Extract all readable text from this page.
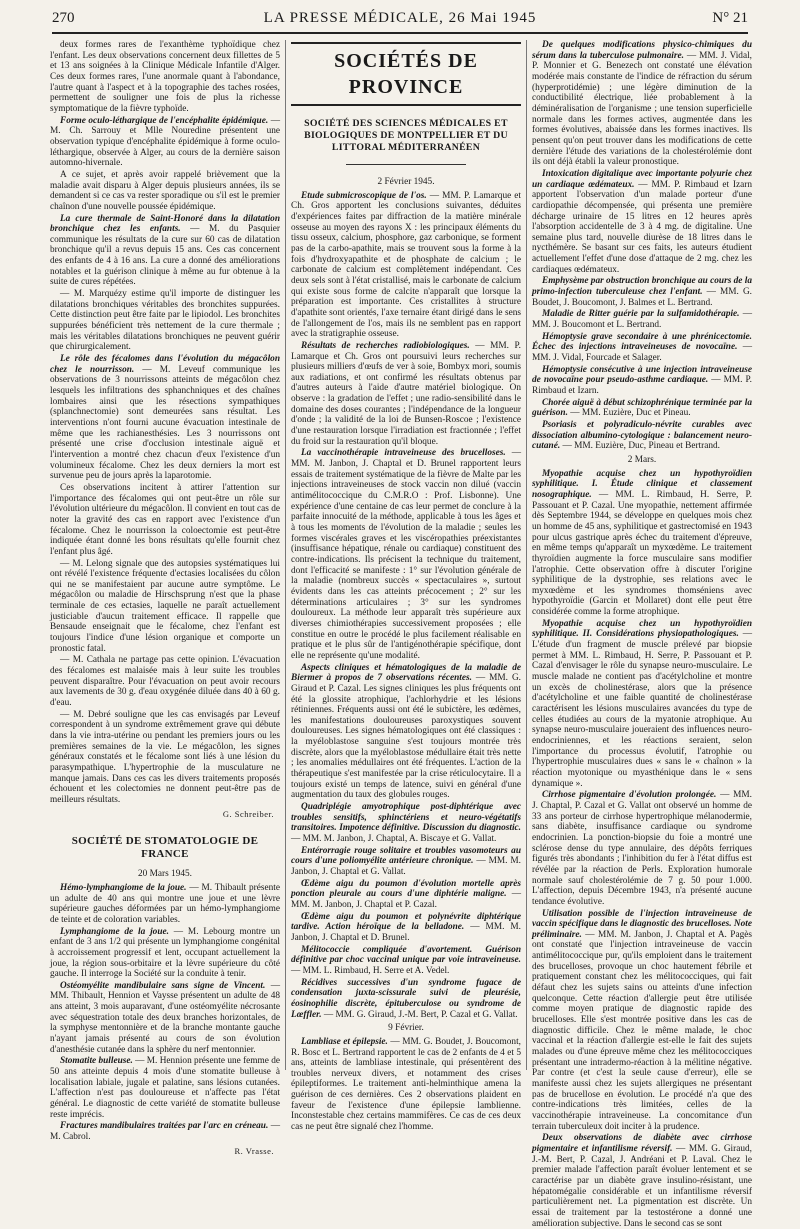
270	LA PRESSE MÉDICALE, 26 Mai 1945	N° 21

deux formes rares de l'exanthème typhoïdique chez l'enfant. Les deux observations concernent deux fillettes de 5 et 13 ans soignées à la Clinique Médicale Infantile d'Alger. Ces deux formes rares, l'une anormale quant à l'abondance, l'autre quant à l'aspect et à la topographie des taches rosées, permettent de souligner une fois de plus la richesse symptomatique de la fièvre typhoïde.

Forme oculo-léthargique de l'encéphalite épidémique. — M. Ch. Sarrouy et Mlle Nouredine présentent une observation typique d'encéphalite épidémique à forme oculo-léthargique, observée à Alger, au cours de la dernière saison automno-hivernale.

A ce sujet, et après avoir rappelé brièvement que la maladie avait disparu à Alger depuis plusieurs années, ils se demandent si ce cas va rester sporadique ou s'il est le premier chaînon d'une nouvelle poussée épidémique.

La cure thermale de Saint-Honoré dans la dilatation bronchique chez les enfants. — M. du Pasquier communique les résultats de la cure sur 60 cas de dilatation bronchique qu'il a revus depuis 15 ans. Ces cas concernent des enfants de 4 à 16 ans. La cure a donné des améliorations notables et la guérison clinique à même au fur obtenue à la suite de cures répétées.

— M. Marquézy estime qu'il importe de distinguer les dilatations bronchiques véritables des bronchites suppurées. Cette distinction peut être faite par le lipiodol. Les bronchites suppurées bénéficient très nettement de la cure thermale ; mais les véritables dilatations bronchiques ne peuvent guérir que chirurgicalement.

Le rôle des fécalomes dans l'évolution du mégacôlon chez le nourrisson. — M. Leveuf communique les observations de 3 nourrissons atteints de mégacôlon chez lesquels les infiltrations des sphanchniques et des chaînes lombaires ainsi que les résections sympathiques (splanchnectomie) sont demeurées sans résultat. Les interventions n'ont fourni aucune évacuation intestinale de même que les rachianesthésies. Les 3 nourrissons ont présenté une crise d'occlusion intestinale aiguë et l'intervention a montré chez chacun d'eux l'existence d'un volumineux fécalome. Chez les deux derniers la mort est survenue peu de jours après la laparotomie.

Ces observations incitent à attirer l'attention sur l'importance des fécalomes qui ont peut-être un rôle sur l'évolution ultérieure du mégacôlon. Il convient en tout cas de noter la gravité des cas en rapport avec l'existence d'un fécalome. Chez le nourrisson la coloectomie est peut-être indiquée étant donné les bons résultats qu'elle fournit chez l'enfant plus âgé.

— M. Lelong signale que des autopsies systématiques lui ont révélé l'existence fréquente d'ectasies localisées du côlon qui ne se manifestaient par aucune autre symptôme. Le mégacôlon ou maladie de Hirschsprung n'est que la phase terminale de ces ectasies, laquelle ne paraît actuellement justiciable d'aucun traitement efficace. Il rappelle que Bensaude enseignait que le fécalome, chez l'enfant est toujours l'indice d'une lésion organique et comporte un pronostic fatal.

— M. Cathala ne partage pas cette opinion. L'évacuation des fécalomes est malaisée mais à leur suite les troubles peuvent disparaître. Pour l'évacuation on peut avoir recours aux lavements de 30 g. d'eau oxygénée diluée dans 40 à 60 g. d'eau.

— M. Debré souligne que les cas envisagés par Leveuf correspondent à un syndrome extrêmement grave qui débute dans la vie intra-utérine ou pendant les premiers jours ou les premières semaines de la vie. Le mégacôlon, les signes généraux constatés et le fécalome sont liés à une lésion du parasympathique. L'hypertrophie de la musculature ne manque jamais. Dans ces cas les divers traitements proposés échouent et les colectomies ne donnent peut-être pas de meilleurs résultats.

G. Schreiber.

SOCIÉTÉ DE STOMATOLOGIE DE FRANCE

20 Mars 1945.

Hémo-lymphangiome de la joue. — M. Thibault présente un adulte de 40 ans qui montre une joue et une lèvre supérieure gauches déformées par un hémo-lymphangiome de teinte et de coloration variables.

Lymphangiome de la joue. — M. Lebourg montre un enfant de 3 ans 1/2 qui présente un lymphangiome congénital à accroissement progressif et lent, occupant actuellement la joue, la région sous-orbitaire et la lèvre supérieure du côté gauche. Il interroge la Société sur la conduite à tenir.

Ostéomyélite mandibulaire sans signe de Vincent. — MM. Thibault, Hennion et Vaysse présentent un adulte de 48 ans atteint, 3 mois auparavant, d'une ostéomyélite nécrosante avec séquestration totale des deux branches horizontales, de la symphyse mentonnière et de la branche montante gauche n'ayant jamais présenté au cours de son évolution d'anesthésie cutanée dans la sphère du nerf mentonnier.

Stomatite bulleuse. — M. Hennion présente une femme de 50 ans atteinte depuis 4 mois d'une stomatite bulleuse à localisation labiale, jugale et palatine, sans lésions cutanées. L'affection n'est pas douloureuse et n'affecte pas l'état général. Le diagnostic de cette variété de stomatite bulleuse reste imprécis.

Fractures mandibulaires traitées par l'arc en créneau. — M. Cabrol.

R. Vrasse.

SOCIÉTÉS DE PROVINCE

SOCIÉTÉ DES SCIENCES MÉDICALES ET BIOLOGIQUES DE MONTPELLIER ET DU LITTORAL MÉDITERRANÉEN

2 Février 1945.

Etude submicroscopique de l'os. — MM. P. Lamarque et Ch. Gros apportent les conclusions suivantes, déduites d'expériences faites par diffraction de la matière minérale osseuse au moyen des rayons X : les principaux éléments du tissu osseux, calcium, phosphore, gaz carbonique, se forment pas de la carbo-apathite, mais se trouvent sous la forme à la fois d'hydroxyapathite et de phosphate de calcium ; le carbonate de calcium est complètement indépendant. Ces deux sels sont à l'état cristallisé, mais le carbonate de calcium qui existe sous forme de calcite n'apparaît que lorsque la préparation est importante. Ces cristallites à structure d'apathite sont orientés, l'axe ternaire étant dirigé dans le sens de l'allongement de l'os, mais ils ne semblent pas en rapport avec la stratigraphie osseuse.

Résultats de recherches radiobiologiques. — MM. P. Lamarque et Ch. Gros ont poursuivi leurs recherches sur plusieurs milliers d'œufs de ver à soie, Bombyx mori, soumis aux radiations, et ont confirmé les résultats obtenus par d'autres auteurs à l'aide d'autre matériel biologique. On observe : la gradation de l'effet ; une radio-sensibilité dans le domaine des doses courantes ; l'indépendance de la longueur d'onde ; la validité de la loi de Bunsen-Roscoe ; l'existence d'une restauration lorsque l'irradiation est fractionnée ; l'effet du froid sur la restauration qu'il bloque.

La vaccinothérapie intraveineuse des brucelloses. — MM. M. Janbon, J. Chaptal et D. Brunel rapportent leurs essais de traitement systématique de la fièvre de Malte par les injections intraveineuses de stock vaccin non dilué (vaccin antimélitococcique du C.M.R.O : Prof. Lisbonne). Une expérience d'une centaine de cas leur permet de conclure à la parfaite innocuité de la méthode, applicable à tous les âges et à tous les moments de l'évolution de la maladie ; seules les formes viscérales graves et les viscéropathies préexistantes (insuffisance hépatique, rénale ou cardiaque) constituent des contre-indications. Ils précisent la technique du traitement, dont l'efficacité se manifeste : 1° sur l'évolution générale de la maladie (nombreux succès « spectaculaires », surtout évidents dans les cas atteints précocement ; 2° sur les déterminations articulaires ; 3° sur les syndromes douloureux. La méthode leur apparaît très supérieure aux diverses chimiothérapies successivement proposées ; elle constitue en outre le procédé le plus facilement réalisable en pratique et le plus sûr de l'antigénothérapie spécifique, dont elle ne représente qu'une modalité.

Aspects cliniques et hématologiques de la maladie de Biermer à propos de 7 observations récentes. — MM. G. Giraud et P. Cazal. Les signes cliniques les plus fréquents ont été la glossite atrophique, l'achlorhydrie et les lésions rétiniennes. Fréquents aussi ont été le subictère, les œdèmes, les manifestations douloureuses paroxystiques souvent douloureuses. Les signes hématologiques ont été classiques : la myéloblastose sanguine s'est toujours montrée très discrète, alors que la myéloblastose médullaire était très nette ; les anomalies médullaires ont été fréquentes. L'action de la thérapeutique s'est manifestée par la crise réticulocytaire. Il a toujours existé un temps de latence, suivi en général d'une augmentation du taux des globules rouges.

Quadriplégie amyotrophique post-diphtérique avec troubles sensitifs, sphinctériens et neuro-végétatifs transitoires. Impotence définitive. Discussion du diagnostic. — MM. M. Janbon, J. Chaptal, A. Biscaye et G. Vallat.

Entérorragie rouge solitaire et troubles vasomoteurs au cours d'une poliomyélite antérieure chronique. — MM. M. Janbon, J. Chaptal et G. Vallat.

Œdème aigu du poumon d'évolution mortelle après ponction pleurale au cours d'une diphtérie maligne. — MM. M. Janbon, J. Chaptal et P. Cazal.

Œdème aigu du poumon et polynévrite diphtérique tardive. Action héroïque de la belladone. — MM. M. Janbon, J. Chaptal et D. Brunel.

Mélitococcie compliquée d'avortement. Guérison définitive par choc vaccinal unique par voie intraveineuse. — MM. L. Rimbaud, H. Serre et A. Vedel.

Récidives successives d'un syndrome fugace de condensation juxta-scissurale suivi de pleurésie, éosinophilie discrète, épituberculose ou syndrome de Lœffler. — MM. G. Giraud, J.-M. Bert, P. Cazal et G. Vallat.

9 Février.

Lambliase et épilepsie. — MM. G. Boudet, J. Boucomont, R. Bosc et L. Bertrand rapportent le cas de 2 enfants de 4 et 5 ans, atteints de lambliase intestinale, qui présentèrent des troubles nerveux divers, et notamment des crises épileptiformes. Le traitement anti-helminthique amena la guérison de ces dernières. Ces 2 observations plaident en faveur de l'existence d'une épilepsie lamblienne. Inconstestable chez certains mammifères. Ce cas de ces deux cas ne peut être signalé chez l'homme.

De quelques modifications physico-chimiques du sérum dans la tuberculose pulmonaire. — MM. J. Vidal, P. Monnier et G. Benezech ont constaté une élévation modérée mais constante de l'indice de réfraction du sérum (hyperprotidémie) ; une légère diminution de la conductibilité électrique, liée probablement à la déminéralisation de l'organisme ; une tension superficielle normale dans les formes actives, augmentée dans les formes évolutives, abaissée dans les formes inactives. Ils pensent qu'on peut trouver dans les modifications de cette dernière l'étude des variations de la cholestérolémie dont ils ont déjà établi la valeur pronostique.

Intoxication digitalique avec importante polyurie chez un cardiaque œdémateux. — MM. P. Rimbaud et Izarn apportent l'observation d'un malade porteur d'une cardiopathie décompensée, qui présenta une première décharge urinaire de 15 litres en 12 heures après l'absorption accidentelle de 3 à 4 mg. de digitaline. Une semaine plus tard, nouvelle diurèse de 18 litres dans le nycthémère. Se basant sur ces faits, les auteurs étudient actuellement l'effet d'une dose d'attaque de 2 mg. chez les cardiaques œdémateux.

Emphysème par obstruction bronchique au cours de la primo-infection tuberculeuse chez l'enfant. — MM. G. Boudet, J. Boucomont, J. Balmes et L. Bertrand.

Maladie de Ritter guérie par la sulfamidothérapie. — MM. J. Boucomont et L. Bertrand.

Hémoptysie grave secondaire à une phrénicectomie. Échec des injections intraveineuses de novocaïne. — MM. J. Vidal, Fourcade et Salager.

Hémoptysie consécutive à une injection intraveineuse de novocaïne pour pseudo-asthme cardiaque. — MM. P. Rimbaud et Izarn.

Chorée aiguë à début schizophrénique terminée par la guérison. — MM. Euzière, Duc et Pineau.

Psoriasis et polyradiculo-névrite curables avec dissociation albumino-cytologique : balancement neuro-cutané. — MM. Euzière, Duc, Pineau et Bertrand.

2 Mars.

Myopathie acquise chez un hypothyroïdien syphilitique. I. Étude clinique et classement nosographique. — MM. L. Rimbaud, H. Serre, P. Passouant et P. Cazal. Une myopathie, nettement affirmée dès Septembre 1944, se développe en quelques mois chez un homme de 45 ans, syphilitique et gastrectomisé en 1943 pour ulcus gastrique après échec du traitement d'épreuve, en même temps qu'apparaît un myxœdème. Le traitement thyroïdien augmente la force musculaire sans modifier l'atrophie. Cette observation offre à discuter l'origine syphilitique de la dystrophie, ses relations avec le myxœdème et les syndromes thomséniens avec hypothyroïdie (Garcin et Mollaret) dont elle peut être considérée comme la forme atrophique.

Myopathie acquise chez un hypothyroïdien syphilitique. II. Considérations physiopathologiques. — L'étude d'un fragment de muscle prélevé par biopsie permet à MM. L. Rimbaud, H. Serre, P. Passouant et P. Cazal d'envisager le rôle du synapse neuro-musculaire. Le muscle malade ne contient pas d'acétylcholine et montre un excès de cholinestérase, alors que la présence d'acétylcholine et une faible quantité de cholinestérase caractérisent les lésions musculaires avancées du type de celles étudiées au cours de la myatonie atrophique. Au synapse neuro-musculaire joueraient des influences neuro-endocriniennes, et les réactions seraient, selon l'importance du processus évolutif, l'atrophie ou l'hypertrophie musculaires dues « sans le « chaînon » la réaction myotonique ou myasthénique dans le « sens dynamique ».

Cirrhose pigmentaire d'évolution prolongée. — MM. J. Chaptal, P. Cazal et G. Vallat ont observé un homme de 33 ans porteur de cirrhose hypertrophique mélanodermie, sans diabète, insuffisance cardiaque ou syndrome endocrinien. La ponction-biopsie du foie a montré une sclérose dense du type annulaire, des dépôts ferriques figurés très abondants ; l'inhibition du fer à l'état diffus est révélée par la réaction de Perls. Exploration humorale normale sauf cholestérolémie de 7 g. 50 pour 1.000. L'affection, depuis Décembre 1943, n'a présenté aucune tendance évolutive.

Utilisation possible de l'injection intraveineuse de vaccin spécifique dans le diagnostic des brucelloses. Note préliminaire. — MM. M. Janbon, J. Chaptal et A. Pagès ont constaté que l'injection intraveineuse de vaccin antimélitococcique pur, qu'ils emploient dans le traitement des brucelloses, provoque un choc hautement fébrile et pratiquement constant chez les mélitococciques, qui fait défaut chez les sujets sains ou atteints d'une infection quelconque. Cette réaction d'allergie peut être utilisée comme moyen pratique de diagnostic rapide des brucelloses. Elle s'est montrée positive dans les cas de diagnostic difficile. Chez le même malade, le choc vaccinal et la réaction d'allergie est-elle le fait des sujets malades ou d'une épreuve même chez les mélitococciques présentant une intradermo-réaction à la mélitine négative. Par contre (et c'est la seule cause d'erreur), elle se manifeste aussi chez les sujets allergiques ne présentant pas de brucellose en évolution. Le procédé n'a que des contre-indications très limitées, celles de la vaccinothérapie intraveineuse. La concomitance d'un terrain tuberculeux doit inciter à la prudence.

Deux observations de diabète avec cirrhose pigmentaire et infantilisme réversif. — MM. G. Giraud, J.-M. Bert, P. Cazal, J. Andréani et P. Laval. Chez le premier malade l'affection paraît évoluer lentement et se caractérise par un diabète grave insulino-résistant, une hépatomégalie considérable et un infantilisme réversif particulièrement net. La pigmentation est discrète. Un essai de traitement par la testostérone a donné une amélioration subjective. Dans le second cas se sont
